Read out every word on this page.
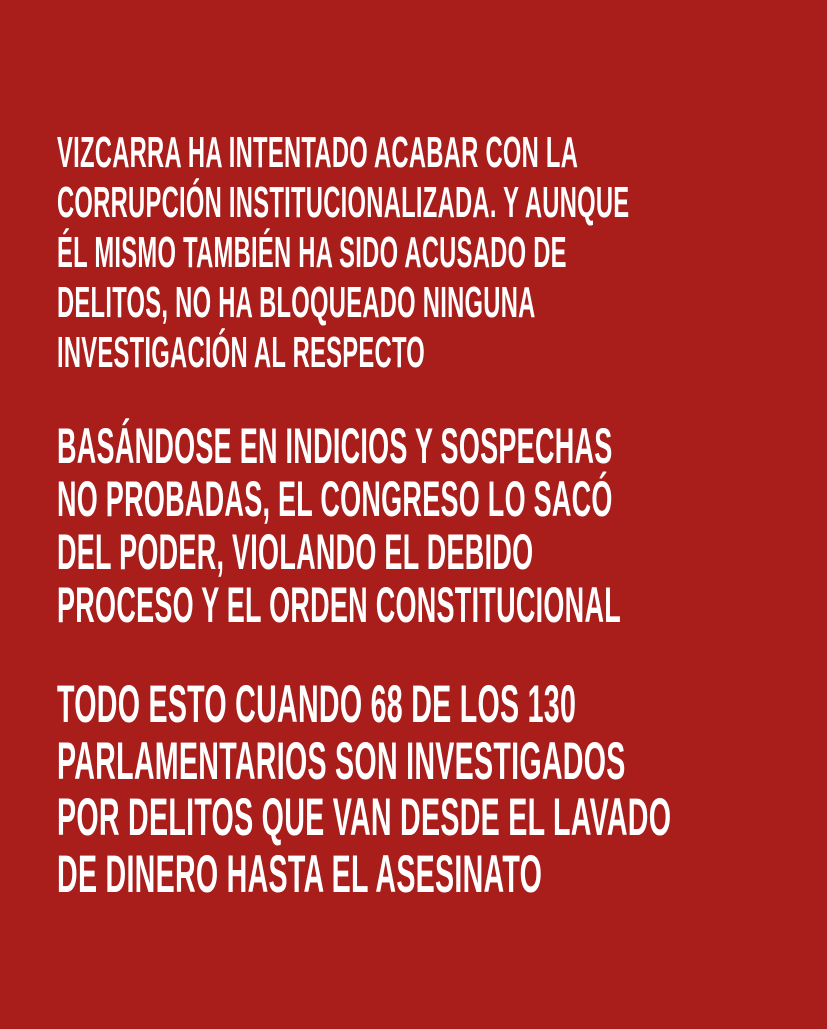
VIZCARRA HA INTENTADO ACABAR CON LA
CORRUPCIÓN INSTITUCIONALIZADA. Y AUNQUE
ÉL MISMO TAMBIÉN HA SIDO ACUSADO DE
DELITOS, NO HA BLOQUEADO NINGUNA
INVESTIGACIÓN AL RESPECTO
BASÁNDOSE EN INDICIOS Y SOSPECHAS
NO PROBADAS, EL CONGRESO LO SACÓ
DEL PODER, VIOLANDO EL DEBIDO
PROCESO Y EL ORDEN CONSTITUCIONAL
TODO ESTO CUANDO 68 DE LOS 130
PARLAMENTARIOS SON INVESTIGADOS
POR DELITOS QUE VAN DESDE EL LAVADO
DE DINERO HASTA EL ASESINATO
